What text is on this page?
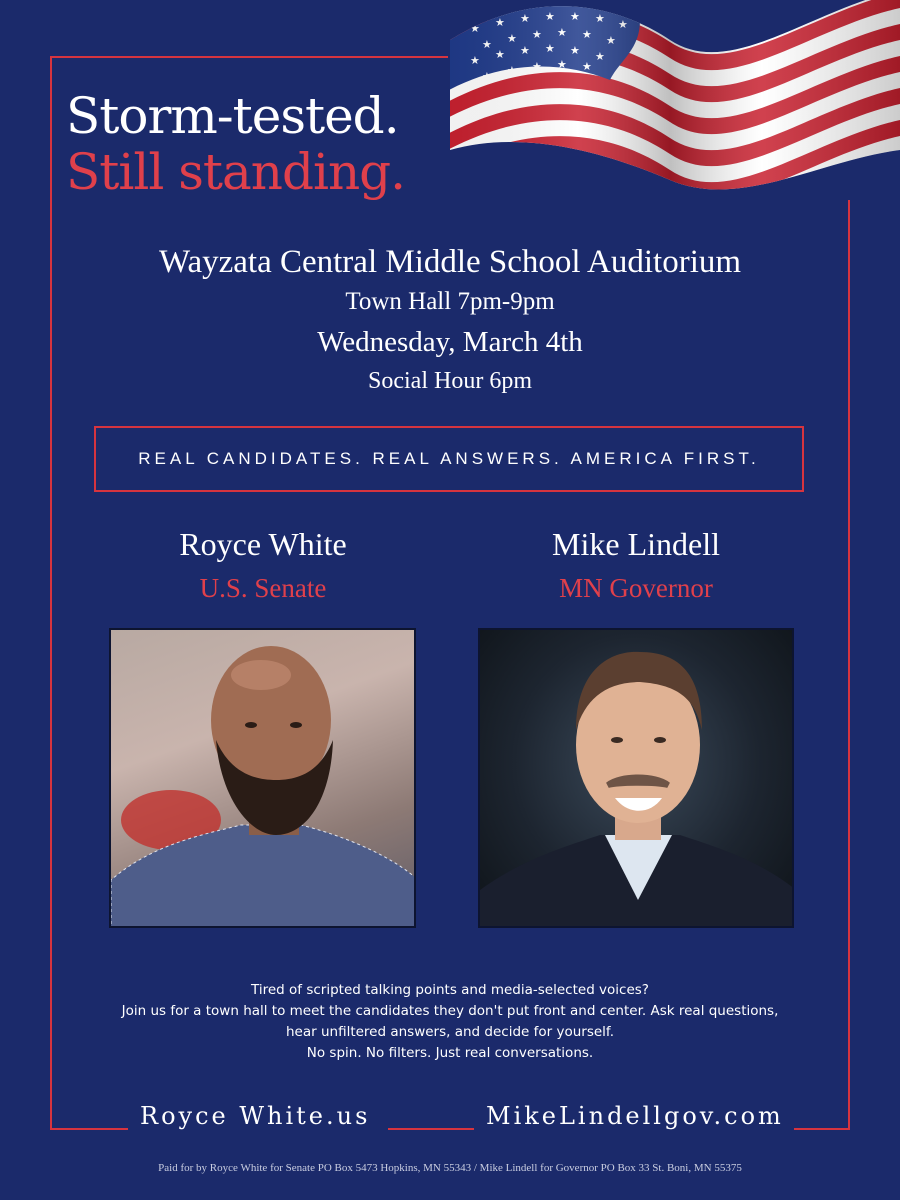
Storm-tested.
Still standing.

Wayzata Central Middle School Auditorium

Town Hall 7pm-9pm

Wednesday, March 4th

Social Hour 6pm

REAL CANDIDATES. REAL ANSWERS. AMERICA FIRST.

Royce White

U.S. Senate

Mike Lindell

MN Governor

Tired of scripted talking points and media-selected voices?

Join us for a town hall to meet the candidates they don't put front and center. Ask real questions,

hear unfiltered answers, and decide for yourself.

No spin. No filters. Just real conversations.

Royce White.us	MikeLindellgov.com
Paid for by Royce White for Senate PO Box 5473 Hopkins, MN 55343 / Mike Lindell for Governor PO Box 33 St. Boni, MN 55375
